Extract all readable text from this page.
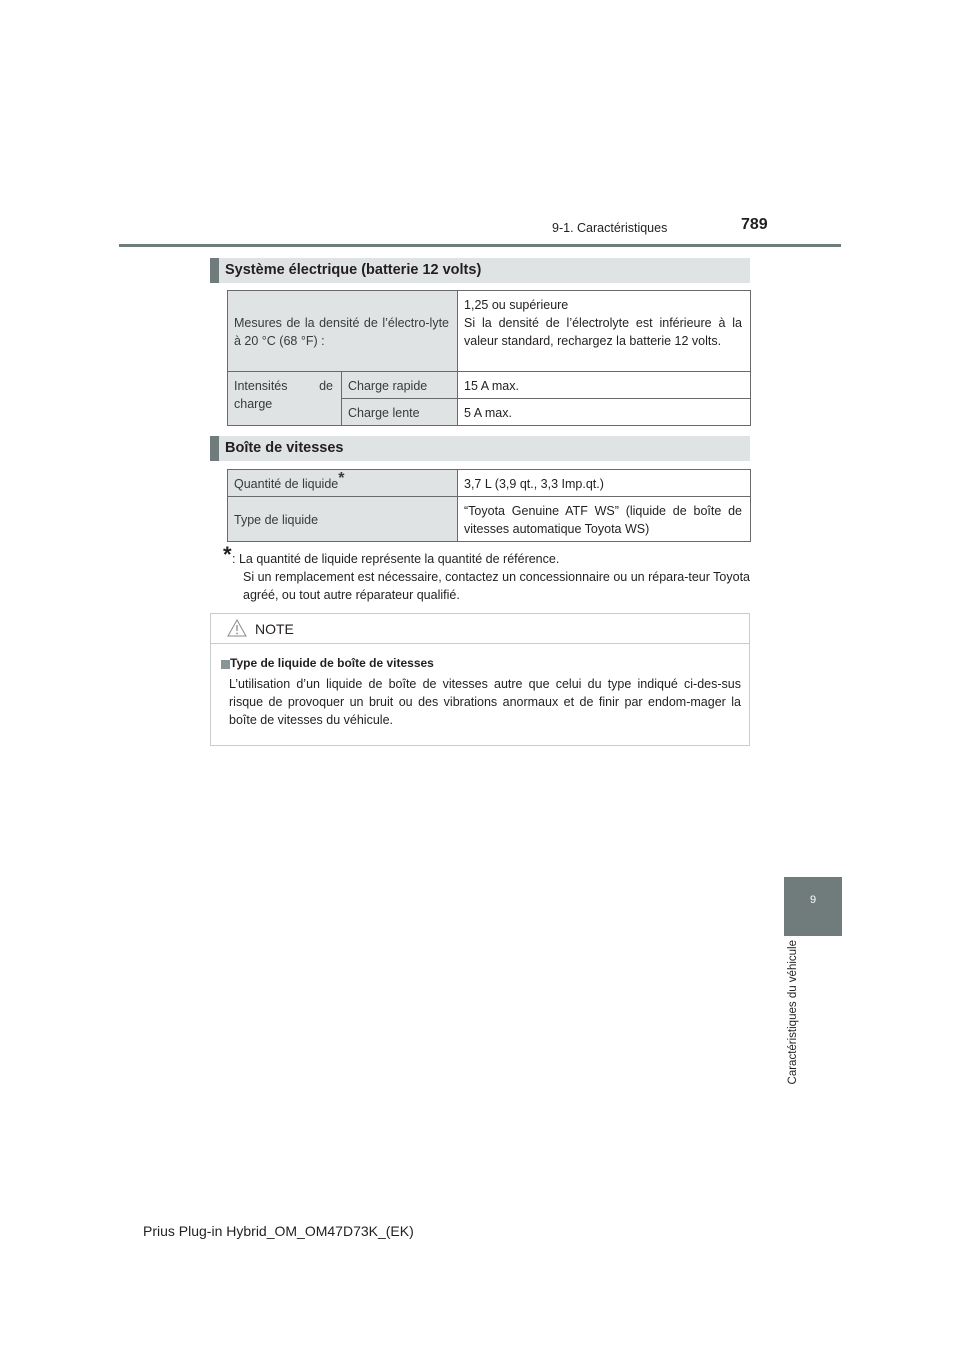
9-1. Caractéristiques	789
Système électrique (batterie 12 volts)
Mesures de la densité de l’électro-lyte à 20 °C (68 °F) :		1,25 ou supérieure
Si la densité de l’électrolyte est inférieure à la valeur standard, rechargez la batterie 12 volts.

Intensités de charge	Charge rapide	15 A max.
	Charge lente	5 A max.
Boîte de vitesses
Quantité de liquide*	3,7 L (3,9 qt., 3,3 Imp.qt.)
Type de liquide	“Toyota Genuine ATF WS” (liquide de boîte de vitesses automatique Toyota WS)
* : La quantité de liquide représente la quantité de référence.
Si un remplacement est nécessaire, contactez un concessionnaire ou un répara-teur Toyota agréé, ou tout autre réparateur qualifié.
NOTE
Type de liquide de boîte de vitesses
L’utilisation d’un liquide de boîte de vitesses autre que celui du type indiqué ci-des-sus risque de provoquer un bruit ou des vibrations anormaux et de finir par endom-mager la boîte de vitesses du véhicule.
9
Caractéristiques du véhicule
Prius Plug-in Hybrid_OM_OM47D73K_(EK)
